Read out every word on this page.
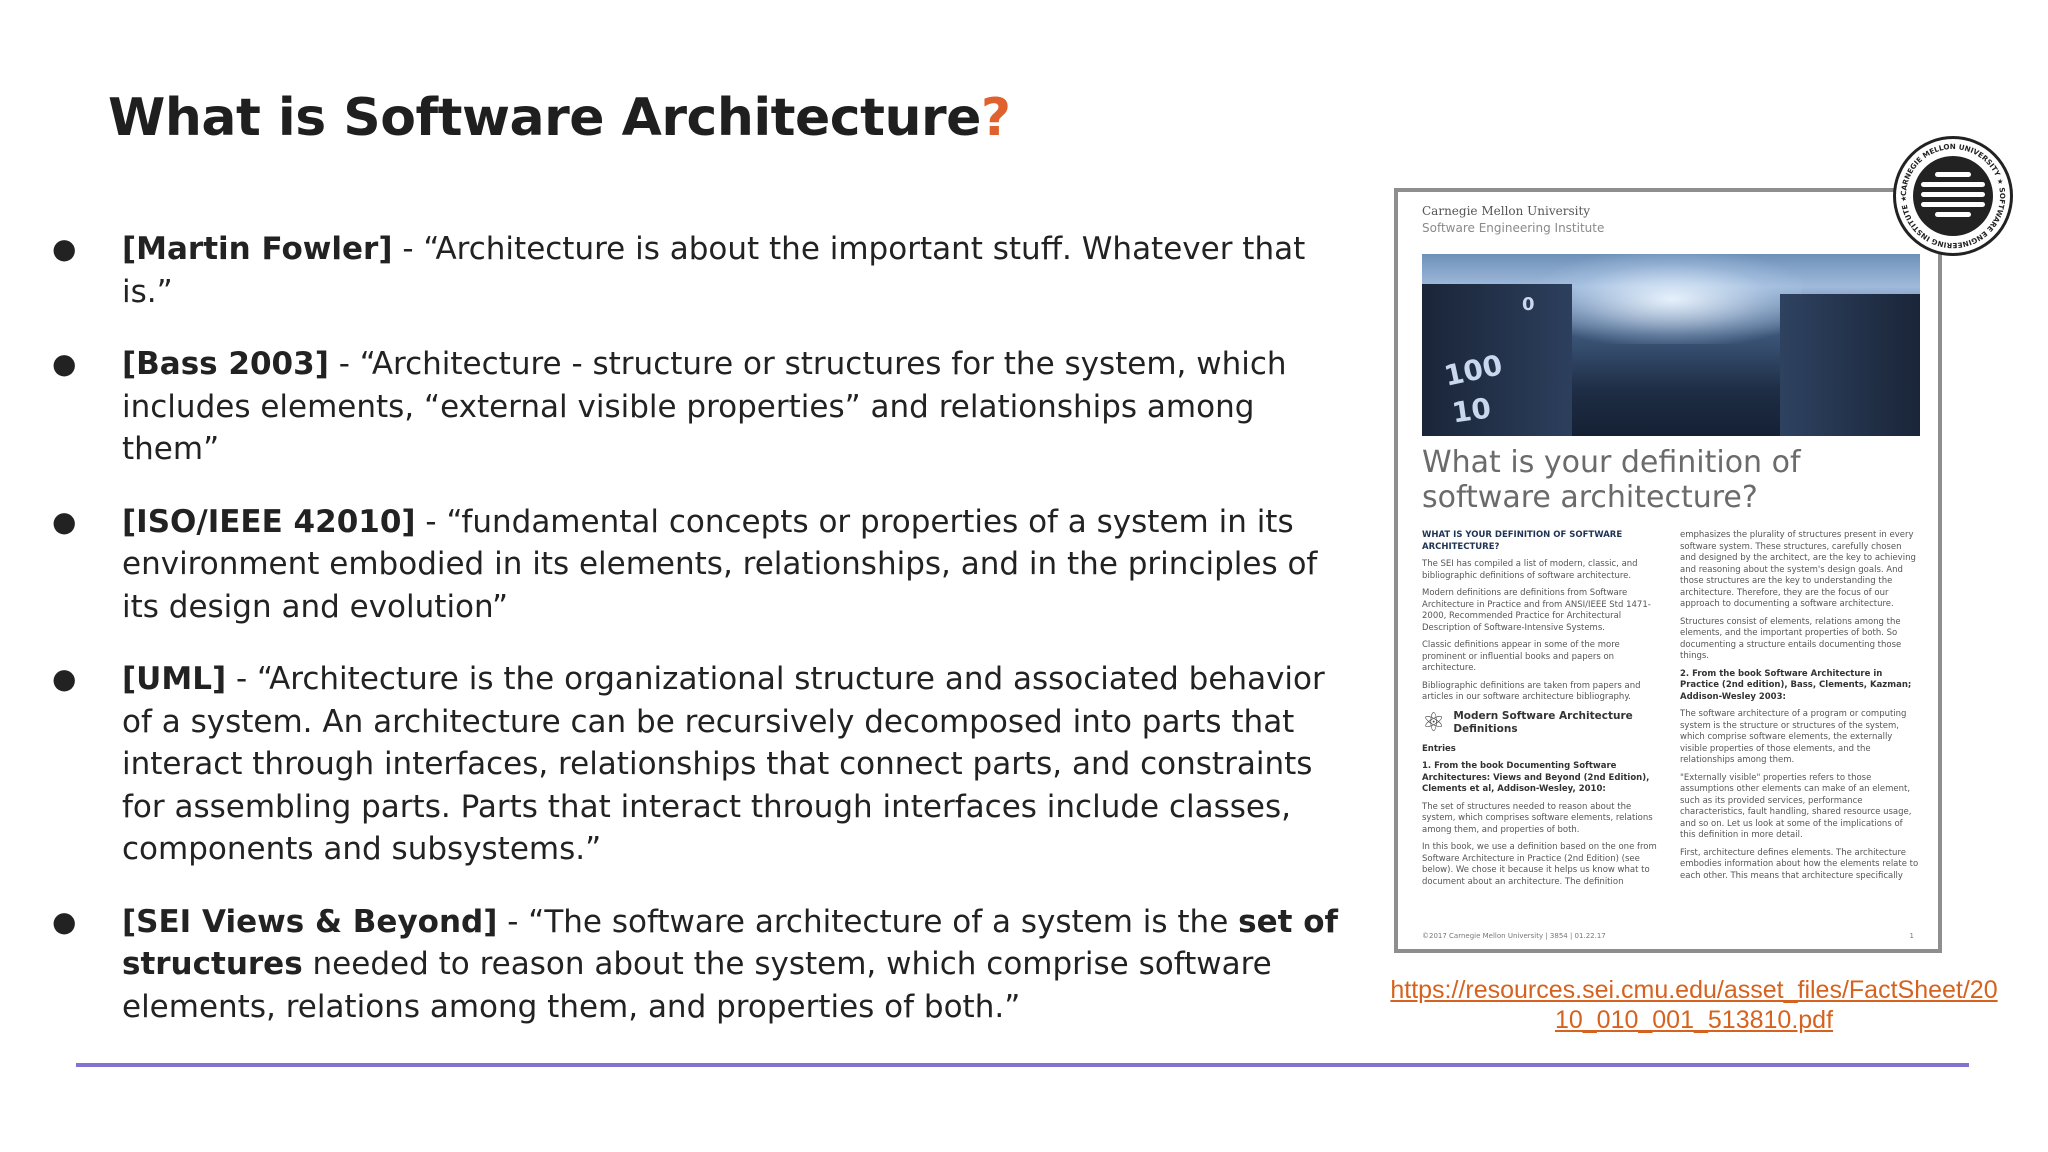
What is Software Architecture?
● [Martin Fowler] - “Architecture is about the important stuff. Whatever that is.”
● [Bass 2003] - “Architecture - structure or structures for the system, which includes elements, “external visible properties” and relationships among them”
● [ISO/IEEE 42010] - “fundamental concepts or properties of a system in its environment embodied in its elements, relationships, and in the principles of its design and evolution”
● [UML] - “Architecture is the organizational structure and associated behavior of a system. An architecture can be recursively decomposed into parts that interact through interfaces, relationships that connect parts, and constraints for assembling parts. Parts that interact through interfaces include classes, components and subsystems.”
● [SEI Views & Beyond] - “The software architecture of a system is the set of structures needed to reason about the system, which comprise software elements, relations among them, and properties of both.”
Carnegie Mellon University
Software Engineering Institute
100
10
0
What is your definition of software architecture?

WHAT IS YOUR DEFINITION OF SOFTWARE ARCHITECTURE?

The SEI has compiled a list of modern, classic, and bibliographic definitions of software architecture.

Modern definitions are definitions from Software Architecture in Practice and from ANSI/IEEE Std 1471-2000, Recommended Practice for Architectural Description of Software-Intensive Systems.

Classic definitions appear in some of the more prominent or influential books and papers on architecture.

Bibliographic definitions are taken from papers and articles in our software architecture bibliography.

⚛ Modern Software Architecture Definitions

Entries

1. From the book Documenting Software Architectures: Views and Beyond (2nd Edition), Clements et al, Addison-Wesley, 2010:

The set of structures needed to reason about the system, which comprises software elements, relations among them, and properties of both.

In this book, we use a definition based on the one from Software Architecture in Practice (2nd Edition) (see below). We chose it because it helps us know what to document about an architecture. The definition

emphasizes the plurality of structures present in every software system. These structures, carefully chosen and designed by the architect, are the key to achieving and reasoning about the system's design goals. And those structures are the key to understanding the architecture. Therefore, they are the focus of our approach to documenting a software architecture.

Structures consist of elements, relations among the elements, and the important properties of both. So documenting a structure entails documenting those things.

2. From the book Software Architecture in Practice (2nd edition), Bass, Clements, Kazman; Addison-Wesley 2003:

The software architecture of a program or computing system is the structure or structures of the system, which comprise software elements, the externally visible properties of those elements, and the relationships among them.

"Externally visible" properties refers to those assumptions other elements can make of an element, such as its provided services, performance characteristics, fault handling, shared resource usage, and so on. Let us look at some of the implications of this definition in more detail.

First, architecture defines elements. The architecture embodies information about how the elements relate to each other. This means that architecture specifically

©2017 Carnegie Mellon University | 3854 | 01.22.17	1
CARNEGIE MELLON UNIVERSITY ★ SOFTWARE ENGINEERING INSTITUTE ★
https://resources.sei.cmu.edu/asset_files/FactSheet/2010_010_001_513810.pdf
